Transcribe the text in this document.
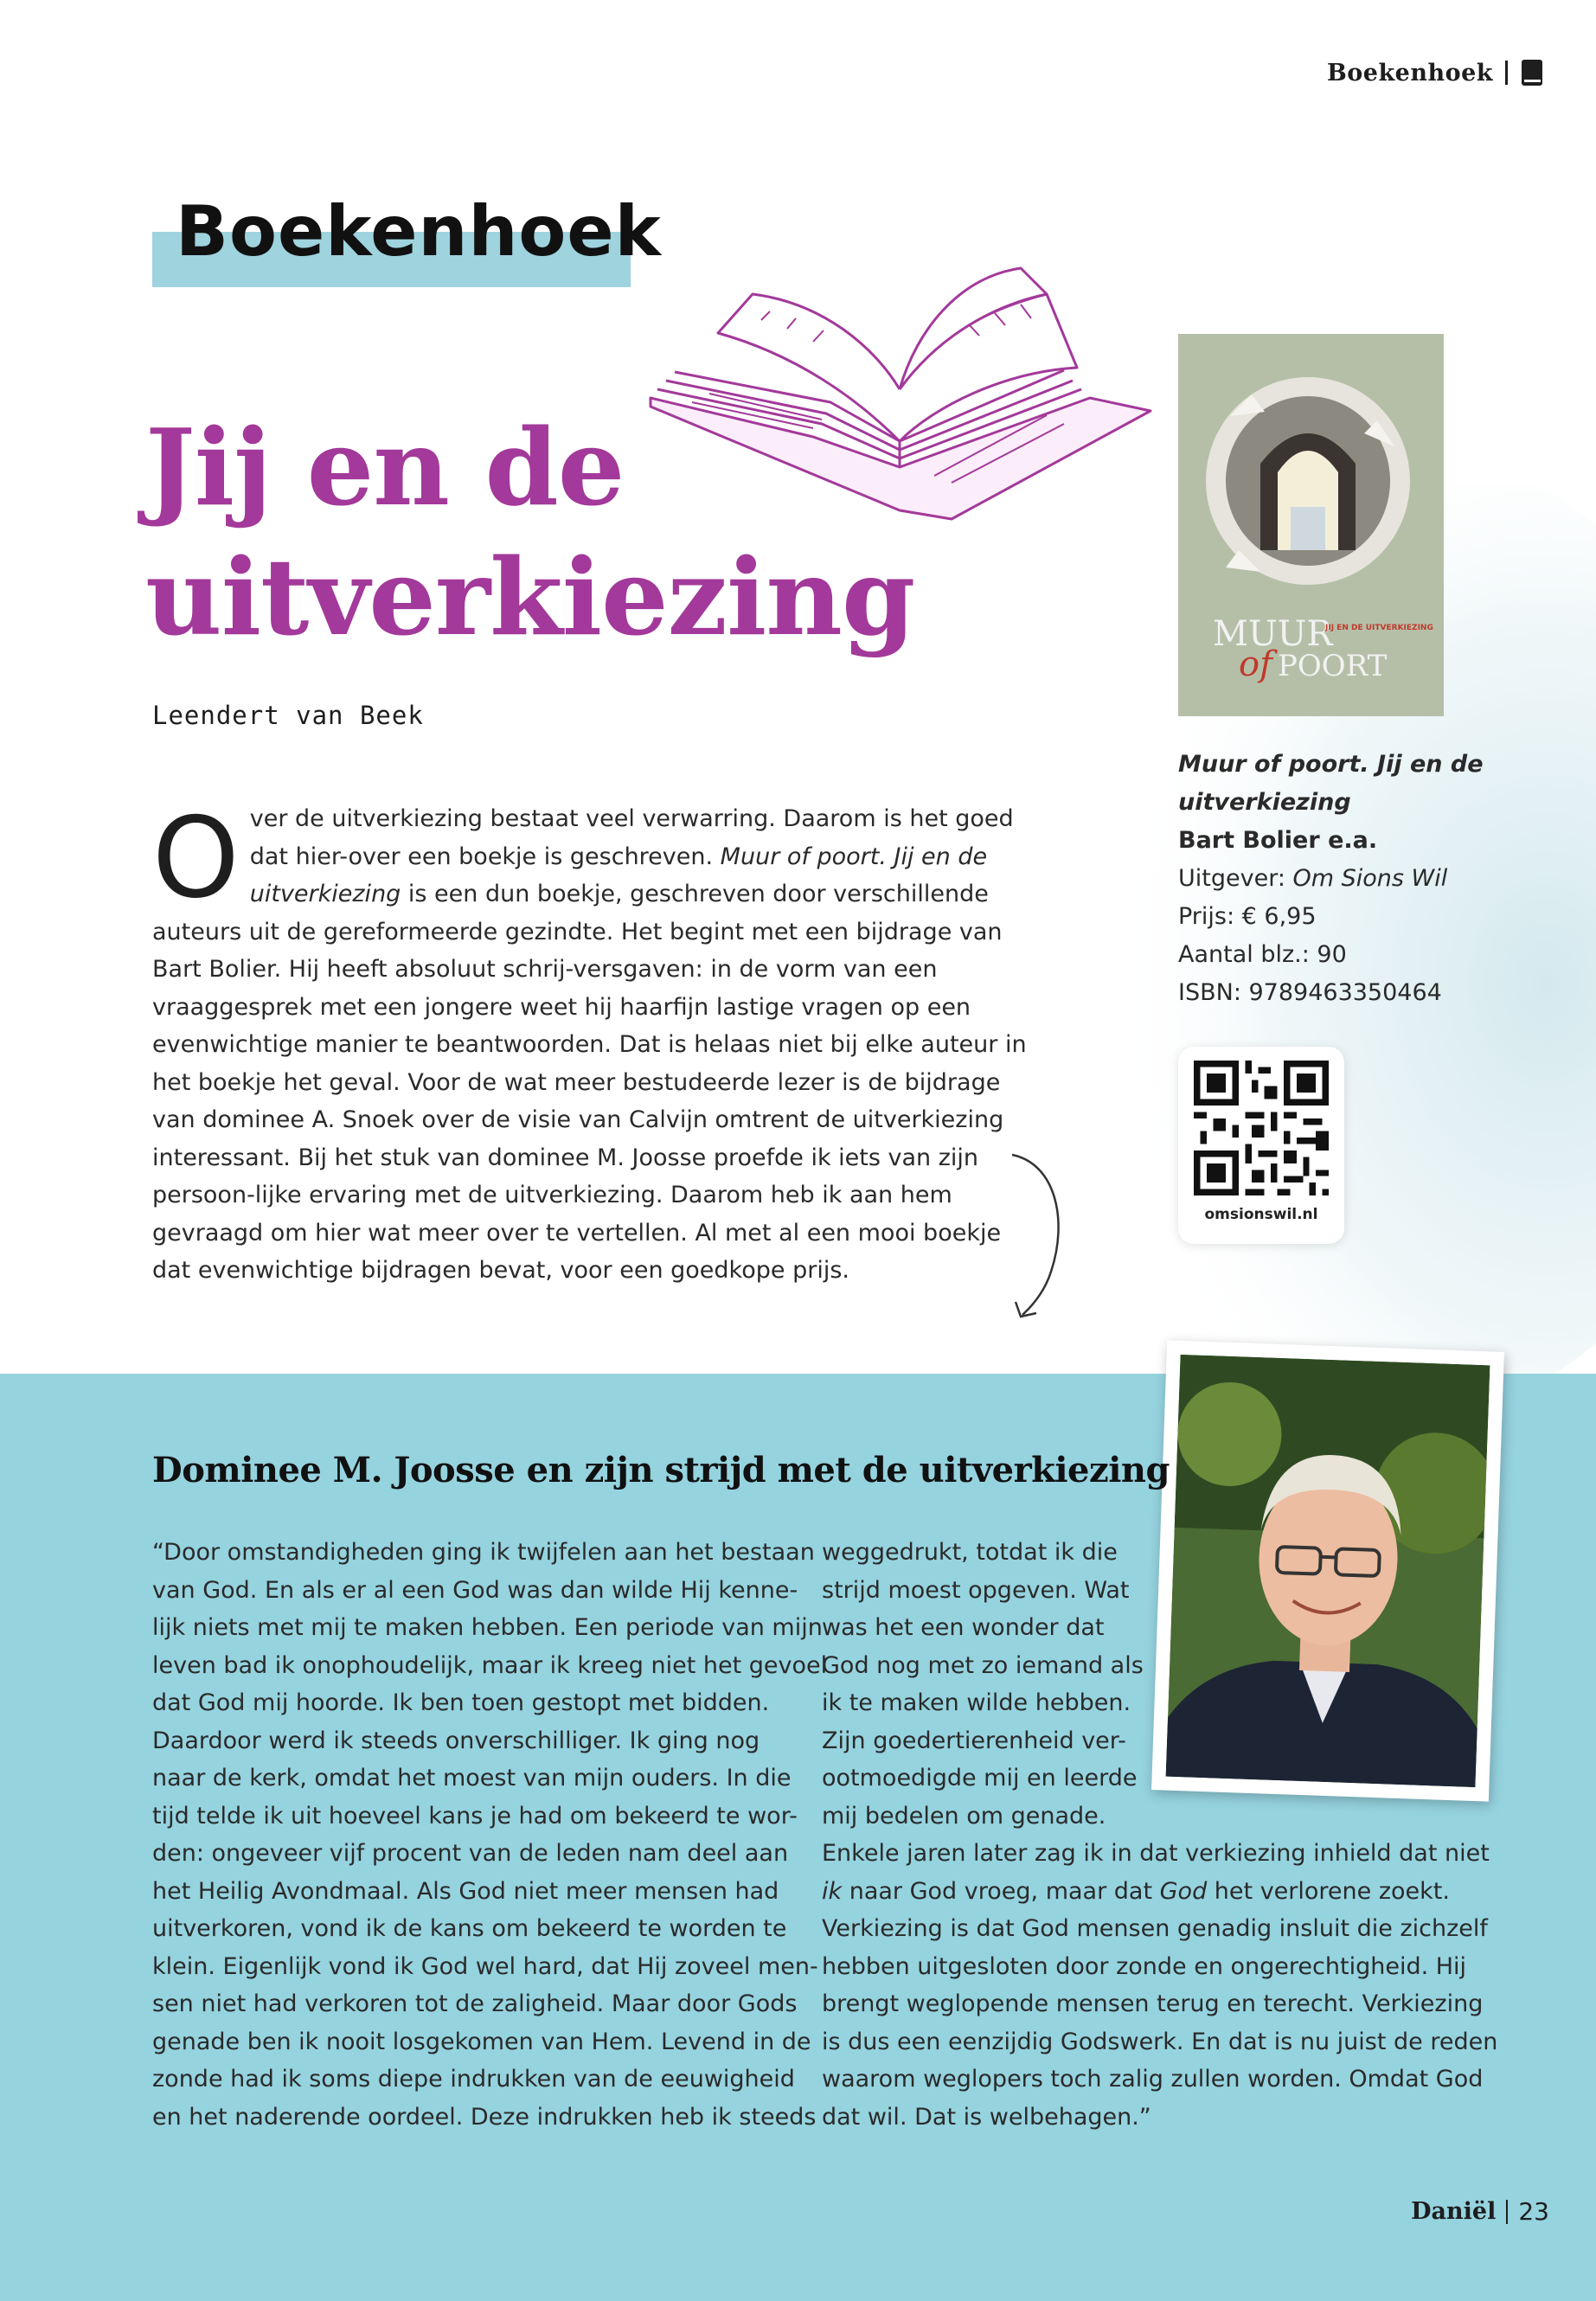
Boekenhoek
Boekenhoek
Jij en de
uitverkiezing
Leendert van Beek
O ver de uitverkiezing bestaat veel verwarring. Daarom is het goed dat hier-over een boekje is geschreven. Muur of poort. Jij en de uitverkiezing is een dun boekje, geschreven door verschillende auteurs uit de gereformeerde gezindte. Het begint met een bijdrage van Bart Bolier. Hij heeft absoluut schrij-versgaven: in de vorm van een vraaggesprek met een jongere weet hij haarfijn lastige vragen op een evenwichtige manier te beantwoorden. Dat is helaas niet bij elke auteur in het boekje het geval. Voor de wat meer bestudeerde lezer is de bijdrage van dominee A. Snoek over de visie van Calvijn omtrent de uitverkiezing interessant. Bij het stuk van dominee M. Joosse proefde ik iets van zijn persoon-lijke ervaring met de uitverkiezing. Daarom heb ik aan hem gevraagd om hier wat meer over te vertellen. Al met al een mooi boekje dat evenwichtige bijdragen bevat, voor een goedkope prijs.

MUUR
of POORT
JIJ EN DE UITVERKIEZING
Muur of poort. Jij en de uitverkiezing
Bart Bolier e.a.
Uitgever: Om Sions Wil
Prijs: € 6,95
Aantal blz.: 90
ISBN: 9789463350464
omsionswil.nl
Dominee M. Joosse en zijn strijd met de uitverkiezing
“Door omstandigheden ging ik twijfelen aan het bestaan
van God. En als er al een God was dan wilde Hij kenne-
lijk niets met mij te maken hebben. Een periode van mijn
leven bad ik onophoudelijk, maar ik kreeg niet het gevoel
dat God mij hoorde. Ik ben toen gestopt met bidden.
Daardoor werd ik steeds onverschilliger. Ik ging nog
naar de kerk, omdat het moest van mijn ouders. In die
tijd telde ik uit hoeveel kans je had om bekeerd te wor-
den: ongeveer vijf procent van de leden nam deel aan
het Heilig Avondmaal. Als God niet meer mensen had
uitverkoren, vond ik de kans om bekeerd te worden te
klein. Eigenlijk vond ik God wel hard, dat Hij zoveel men-
sen niet had verkoren tot de zaligheid. Maar door Gods
genade ben ik nooit losgekomen van Hem. Levend in de
zonde had ik soms diepe indrukken van de eeuwigheid
en het naderende oordeel. Deze indrukken heb ik steeds
weggedrukt, totdat ik die
strijd moest opgeven. Wat
was het een wonder dat
God nog met zo iemand als
ik te maken wilde hebben.
Zijn goedertierenheid ver-
ootmoedigde mij en leerde
mij bedelen om genade.
Enkele jaren later zag ik in dat verkiezing inhield dat niet
ik naar God vroeg, maar dat God het verlorene zoekt.
Verkiezing is dat God mensen genadig insluit die zichzelf
hebben uitgesloten door zonde en ongerechtigheid. Hij
brengt weglopende mensen terug en terecht. Verkiezing
is dus een eenzijdig Godswerk. En dat is nu juist de reden
waarom weglopers toch zalig zullen worden. Omdat God
dat wil. Dat is welbehagen.”
Daniël 23
